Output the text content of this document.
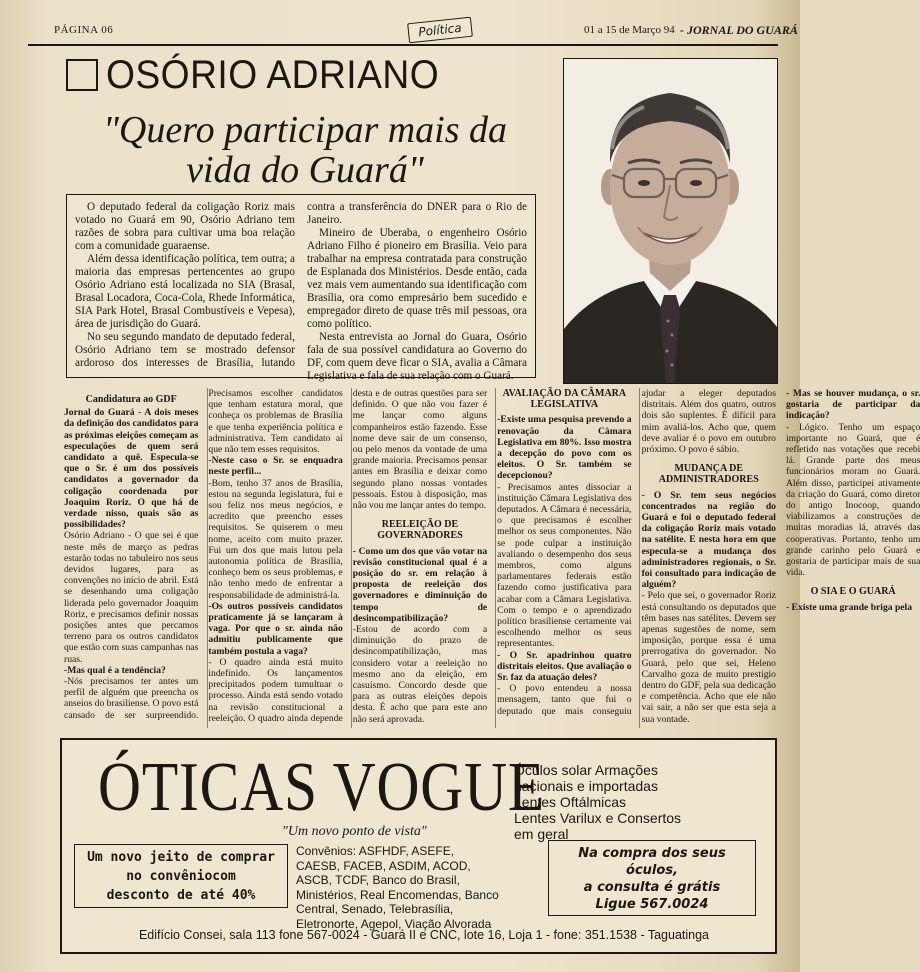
PÁGINA 06	Política	01 a 15 de Março 94 - JORNAL DO GUARÁ
OSÓRIO ADRIANO
"Quero participar mais da vida do Guará"

O deputado federal da coligação Roriz mais votado no Guará em 90, Osório Adriano tem razões de sobra para cultivar uma boa relação com a comunidade guaraense.

Além dessa identificação política, tem outra; a maioria das empresas pertencentes ao grupo Osório Adriano está localizada no SIA (Brasal, Brasal Locadora, Coca-Cola, Rhede Informática, SIA Park Hotel, Brasal Combustíveis e Vepesa), área de jurisdição do Guará.

No seu segundo mandato de deputado federal, Osório Adriano tem se mostrado defensor ardoroso dos interesses de Brasília, lutando contra a transferência do DNER para o Rio de Janeiro.

Mineiro de Uberaba, o engenheiro Osório Adriano Filho é pioneiro em Brasília. Veio para trabalhar na empresa contratada para construção de Esplanada dos Ministérios. Desde então, cada vez mais vem aumentando sua identificação com Brasília, ora como empresário bem sucedido e empregador direto de quase três mil pessoas, ora como político.

Nesta entrevista ao Jornal do Guara, Osório fala de sua possível candidatura ao Governo do DF, com quem deve ficar o SIA, avalia a Câmara Legislativa e fala de sua relação com o Guará.

Candidatura ao GDF

Jornal do Guará - A dois meses da definição dos candidatos para as próximas eleições começam as especulações de quem será candidato a quê. Especula-se que o Sr. é um dos possíveis candidatos a governador da coligação coordenada por Joaquim Roriz. O que há de verdade nisso, quais são as possibilidades?

Osório Adriano - O que sei é que neste mês de março as pedras estarão todas no tabuleiro nos seus devidos lugares, para as convenções no início de abril. Está se desenhando uma coligação liderada pelo governador Joaquim Roriz, e precisamos definir nossas posições antes que percamos terreno para os outros candidatos que estão com suas campanhas nas ruas.

-Mas qual é a tendência?

-Nós precisamos ter antes um perfil de alguém que preencha os anseios do brasiliense. O povo está cansado de ser surpreendido. Precisamos escolher candidatos que tenham estatura moral, que conheça os problemas de Brasília e que tenha experiência política e administrativa. Tem candidato aí que não tem esses requisitos.

-Neste caso o Sr. se enquadra neste perfil...

-Bom, tenho 37 anos de Brasília, estou na segunda legislatura, fui e sou feliz nos meus negócios, e acredito que preencho esses requisitos. Se quiserem o meu nome, aceito com muito prazer. Fui um dos que mais lutou pela autonomia política de Brasília, conheço bem os seus problemas, e não tenho medo de enfrentar a responsabilidade de administrá-la.

-Os outros possíveis candidatos praticamente já se lançaram à vaga. Por que o sr. ainda não admitiu publicamente que também postula a vaga?

- O quadro ainda está muito indefinido. Os lançamentos precipitados podem tumultuar o processo. Ainda está sendo votado na revisão constitucional a reeleição. O quadro ainda depende desta e de outras questões para ser definido. O que não vou fazer é me lançar como alguns companheiros estão fazendo. Esse nome deve sair de um consenso, ou pelo menos da vontade de uma grande maioria. Precisamos pensar antes em Brasília e deixar como segundo plano nossas vontades pessoais. Estou à disposição, mas não vou me lançar antes do tempo.

REELEIÇÃO DE GOVERNADORES

- Como um dos que vão votar na revisão constitucional qual é a posição do sr. em relação à proposta de reeleição dos governadores e diminuição do tempo de desincompatibilização?

-Estou de acordo com a diminuição do prazo de desincompatibilização, mas considero votar a reeleição no mesmo ano da eleição, em casuísmo. Concordo desde que para as outras eleições depois desta. É acho que para este ano não será aprovada.

AVALIAÇÃO DA CÂMARA LEGISLATIVA

-Existe uma pesquisa prevendo a renovação da Câmara Legislativa em 80%. Isso mostra a decepção do povo com os eleitos. O Sr. também se decepcionou?

- Precisamos antes dissociar a instituição Câmara Legislativa dos deputados. A Câmara é necessária, o que precisamos é escolher melhor os seus componentes. Não se pode culpar a instituição avaliando o desempenho dos seus membros, como alguns parlamentares federais estão fazendo como justificativa para acabar com a Câmara Legislativa. Com o tempo e o aprendizado político brasiliense certamente vai escolhendo melhor os seus representantes.

- O Sr. apadrinhou quatro distritais eleitos. Que avaliação o Sr. faz da atuação deles?

- O povo entendeu a nossa mensagem, tanto que fui o deputado que mais conseguiu ajudar a eleger deputados distritais. Além dos quatro, outros dois são suplentes. É difícil para mim avaliá-los. Acho que, quem deve avaliar é o povo em outubro próximo. O povo é sábio.

MUDANÇA DE ADMINISTRADORES

- O Sr. tem seus negócios concentrados na região do Guará e foi o deputado federal da coligação Roriz mais votado na satélite. E nesta hora em que especula-se a mudança dos administradores regionais, o Sr. foi consultado para indicação de alguém?

- Pelo que sei, o governador Roriz está consultando os deputados que têm bases nas satélites. Devem ser apenas sugestões de nome, sem imposição, porque essa é uma prerrogativa do governador. No Guará, pelo que sei, Heleno Carvalho goza de muito prestígio dentro do GDF, pela sua dedicação e competência. Acho que ele não vai sair, a não ser que esta seja a sua vontade.

- Mas se houver mudança, o sr. gostaria de participar da indicação?

- Lógico. Tenho um espaço importante no Guará, que é refletido nas votações que recebi lá. Grande parte dos meus funcionários moram no Guará. Além disso, participei ativamente da criação do Guará, como diretor do antigo Inocoop, quando viabilizamos a construções de muitas moradias lá, através das cooperativas. Portanto, tenho um grande carinho pelo Guará e gostaria de participar mais de sua vida.

O SIA E O GUARÁ

- Existe uma grande briga pela

ÓTICAS VOGUE
"Um novo ponto de vista"
Óculos solar Armações
nacionais e importadas
Lentes Oftálmicas
Lentes Varilux e Consertos
em geral
Um novo jeito de comprar
no convêniocom
desconto de até 40%
Convênios: ASFHDF, ASEFE,
CAESB, FACEB, ASDIM, ACOD,
ASCB, TCDF, Banco do Brasil,
Ministérios, Real Encomendas, Banco
Central, Senado, Telebrasília,
Eletronorte, Agepol, Viação Alvorada
Na compra dos seus
óculos,
a consulta é grátis
Ligue 567.0024
Edifício Consei, sala 113 fone 567-0024 - Guará II e CNC, lote 16, Loja 1 - fone: 351.1538 - Taguatinga
